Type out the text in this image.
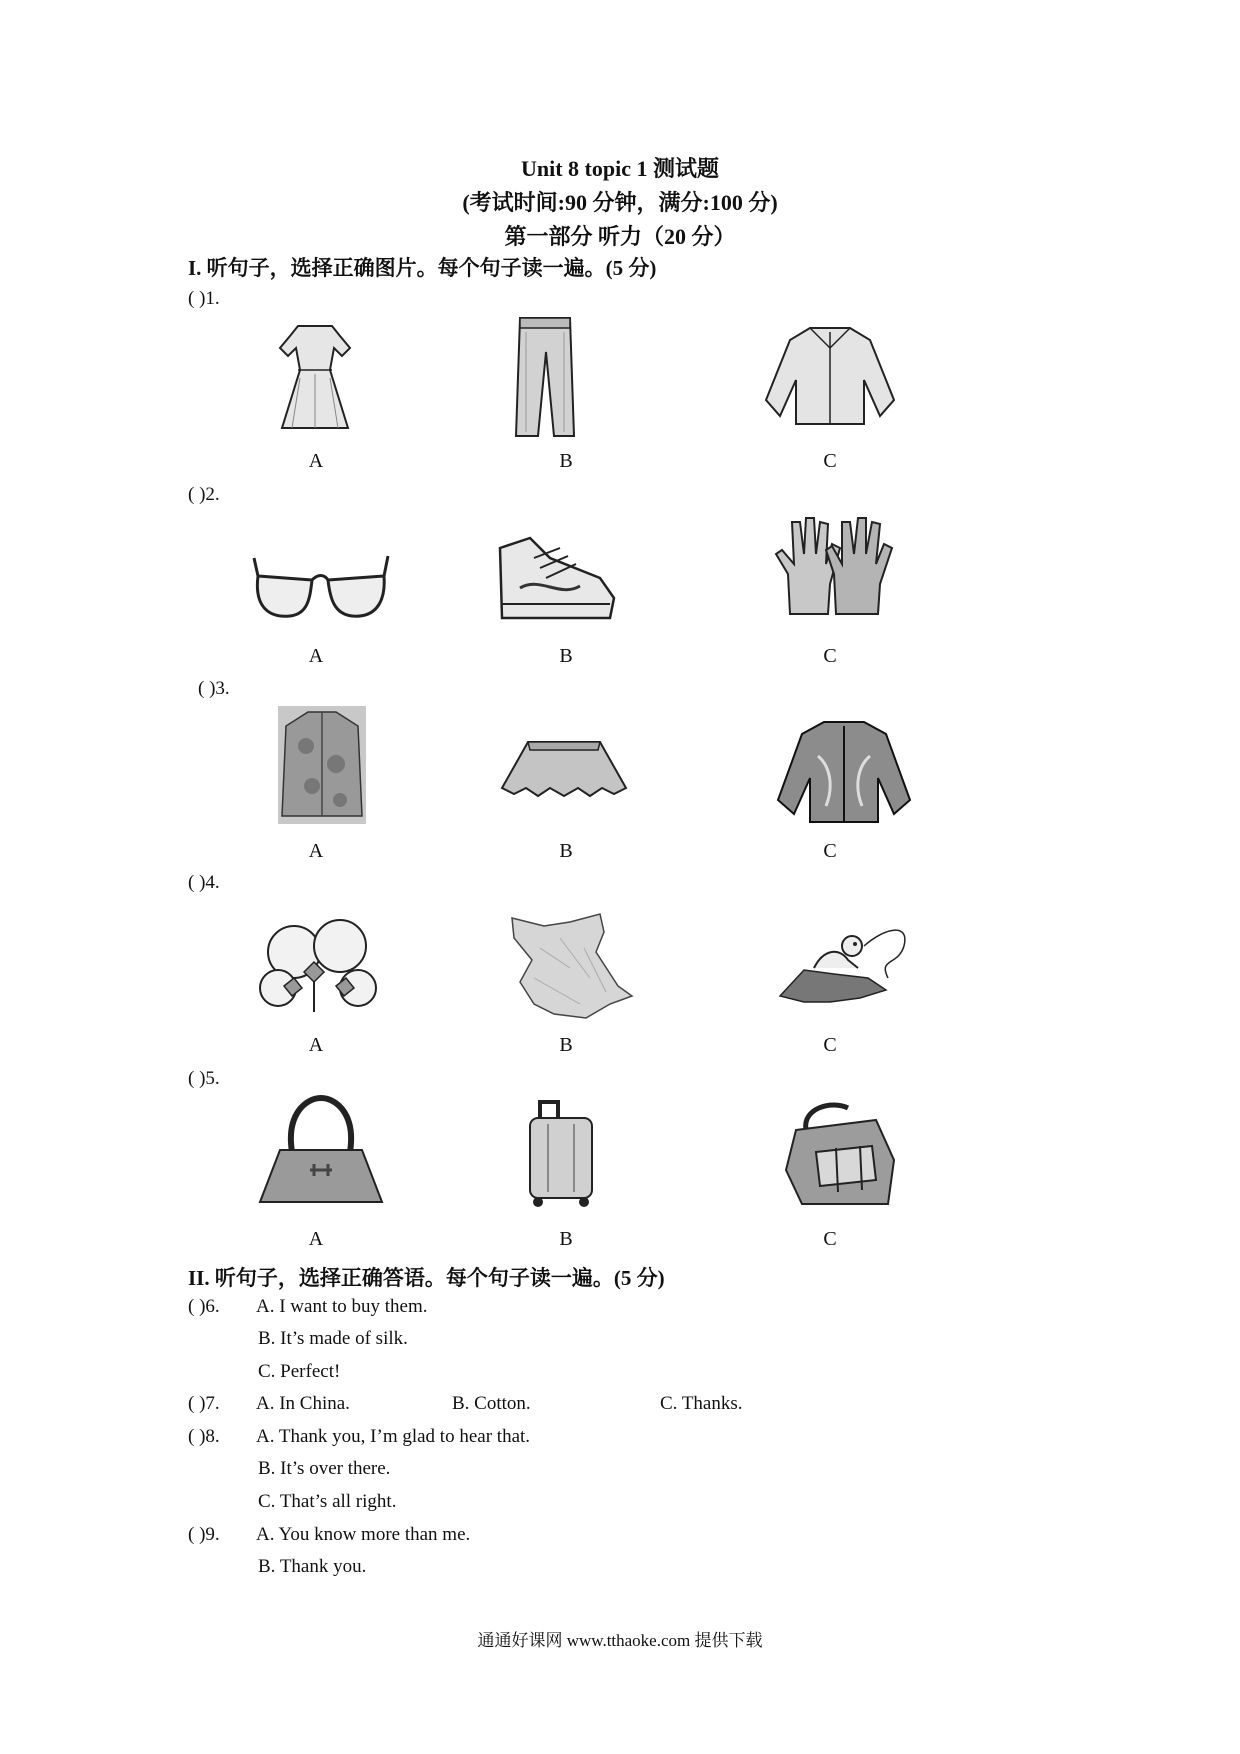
Unit 8 topic 1 测试题
(考试时间:90 分钟，满分:100 分)
第一部分 听力（20 分）
I. 听句子，选择正确图片。每个句子读一遍。(5 分)
( )1.
A	B	C
( )2.
A	B	C
( )3.
A	B	C
( )4.
A	B	C
( )5.
A	B	C
II. 听句子，选择正确答语。每个句子读一遍。(5 分)
( )6. A. I want to buy them.
B. It’s made of silk.
C. Perfect!
( )7. A. In China.	B. Cotton.	C. Thanks.
( )8. A. Thank you, I’m glad to hear that.
B. It’s over there.
C. That’s all right.
( )9. A. You know more than me.
B. Thank you.
通通好课网 www.tthaoke.com 提供下载
